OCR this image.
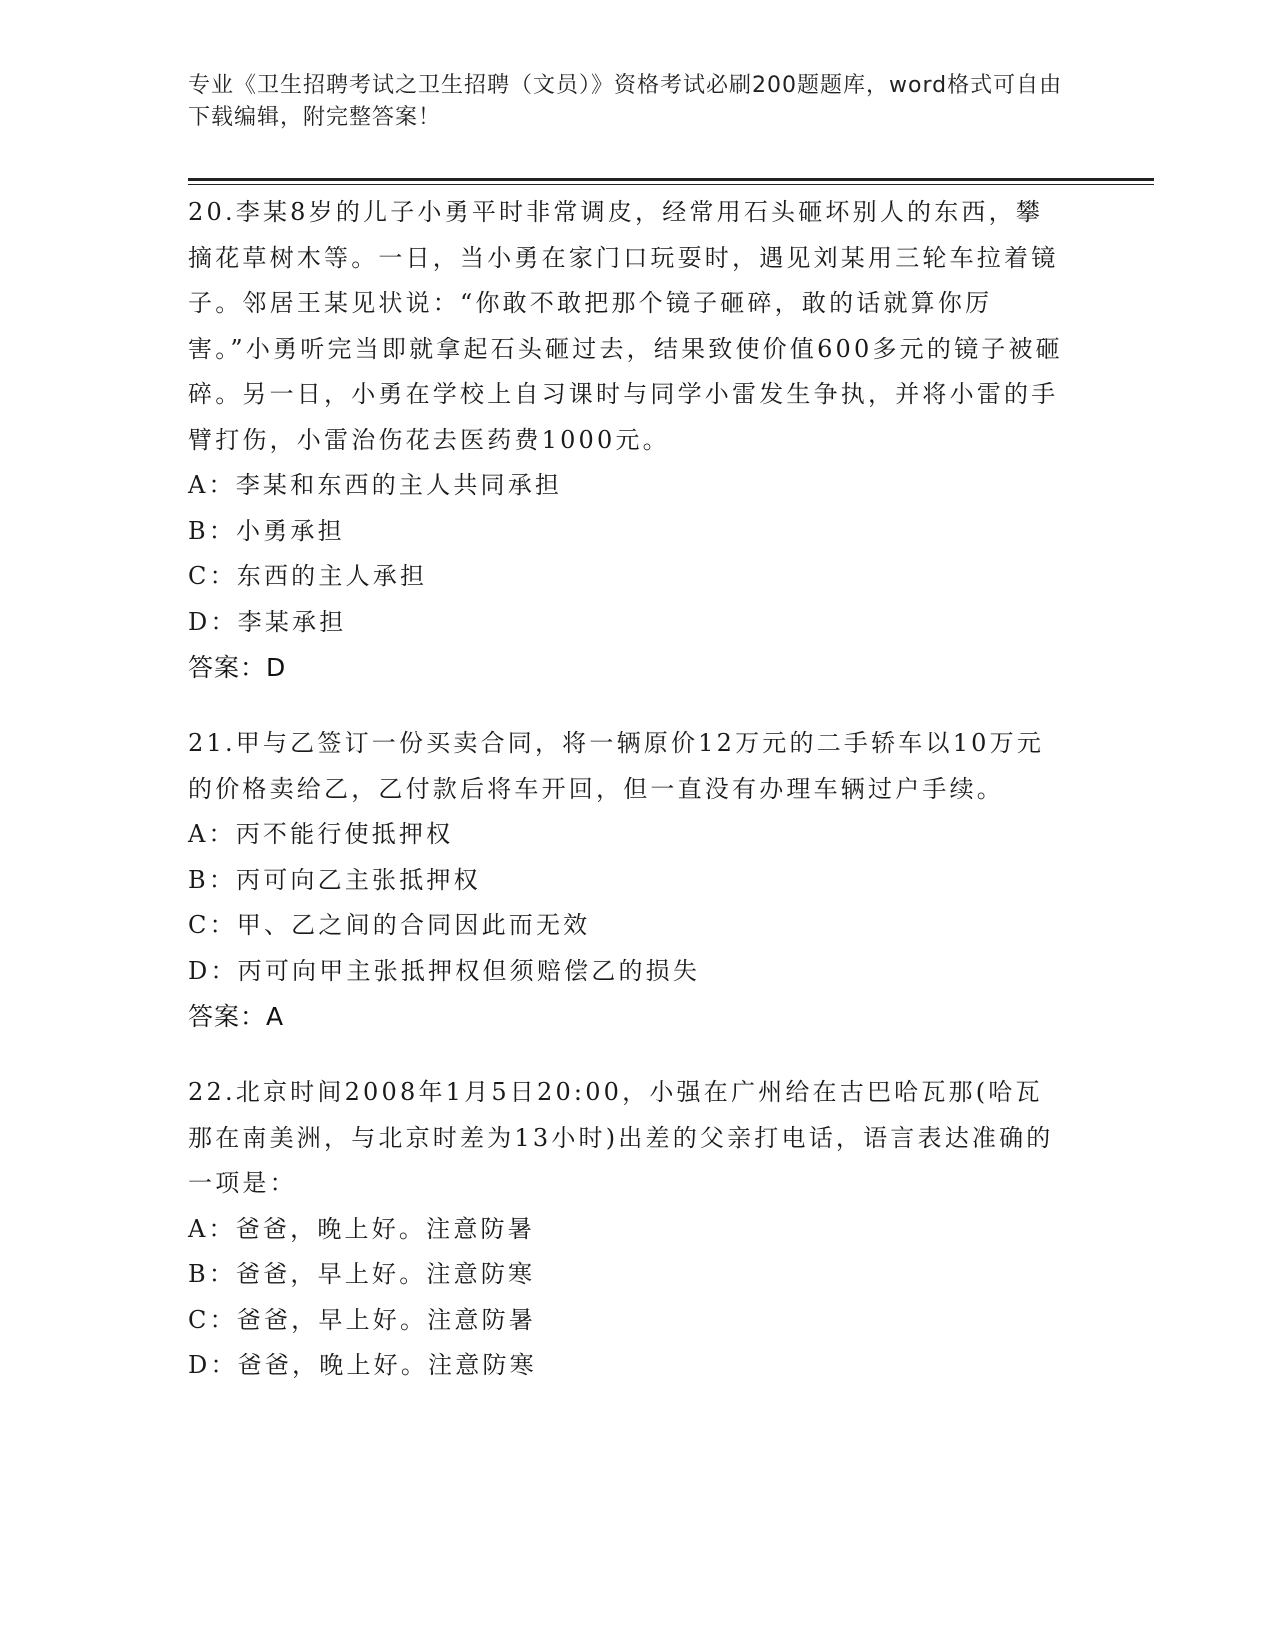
专业《卫生招聘考试之卫生招聘（文员）》资格考试必刷200题题库，word格式可自由下载编辑，附完整答案！

20.李某8岁的儿子小勇平时非常调皮，经常用石头砸坏别人的东西，攀摘花草树木等。一日，当小勇在家门口玩耍时，遇见刘某用三轮车拉着镜子。邻居王某见状说：“你敢不敢把那个镜子砸碎，敢的话就算你厉害。”小勇听完当即就拿起石头砸过去，结果致使价值600多元的镜子被砸碎。另一日，小勇在学校上自习课时与同学小雷发生争执，并将小雷的手臂打伤，小雷治伤花去医药费1000元。

A：李某和东西的主人共同承担

B：小勇承担

C：东西的主人承担

D：李某承担

答案：D

21.甲与乙签订一份买卖合同，将一辆原价12万元的二手轿车以10万元的价格卖给乙，乙付款后将车开回，但一直没有办理车辆过户手续。

A：丙不能行使抵押权

B：丙可向乙主张抵押权

C：甲、乙之间的合同因此而无效

D：丙可向甲主张抵押权但须赔偿乙的损失

答案：A

22.北京时间2008年1月5日20:00，小强在广州给在古巴哈瓦那(哈瓦那在南美洲，与北京时差为13小时)出差的父亲打电话，语言表达准确的一项是：

A：爸爸，晚上好。注意防暑

B：爸爸，早上好。注意防寒

C：爸爸，早上好。注意防暑

D：爸爸，晚上好。注意防寒
